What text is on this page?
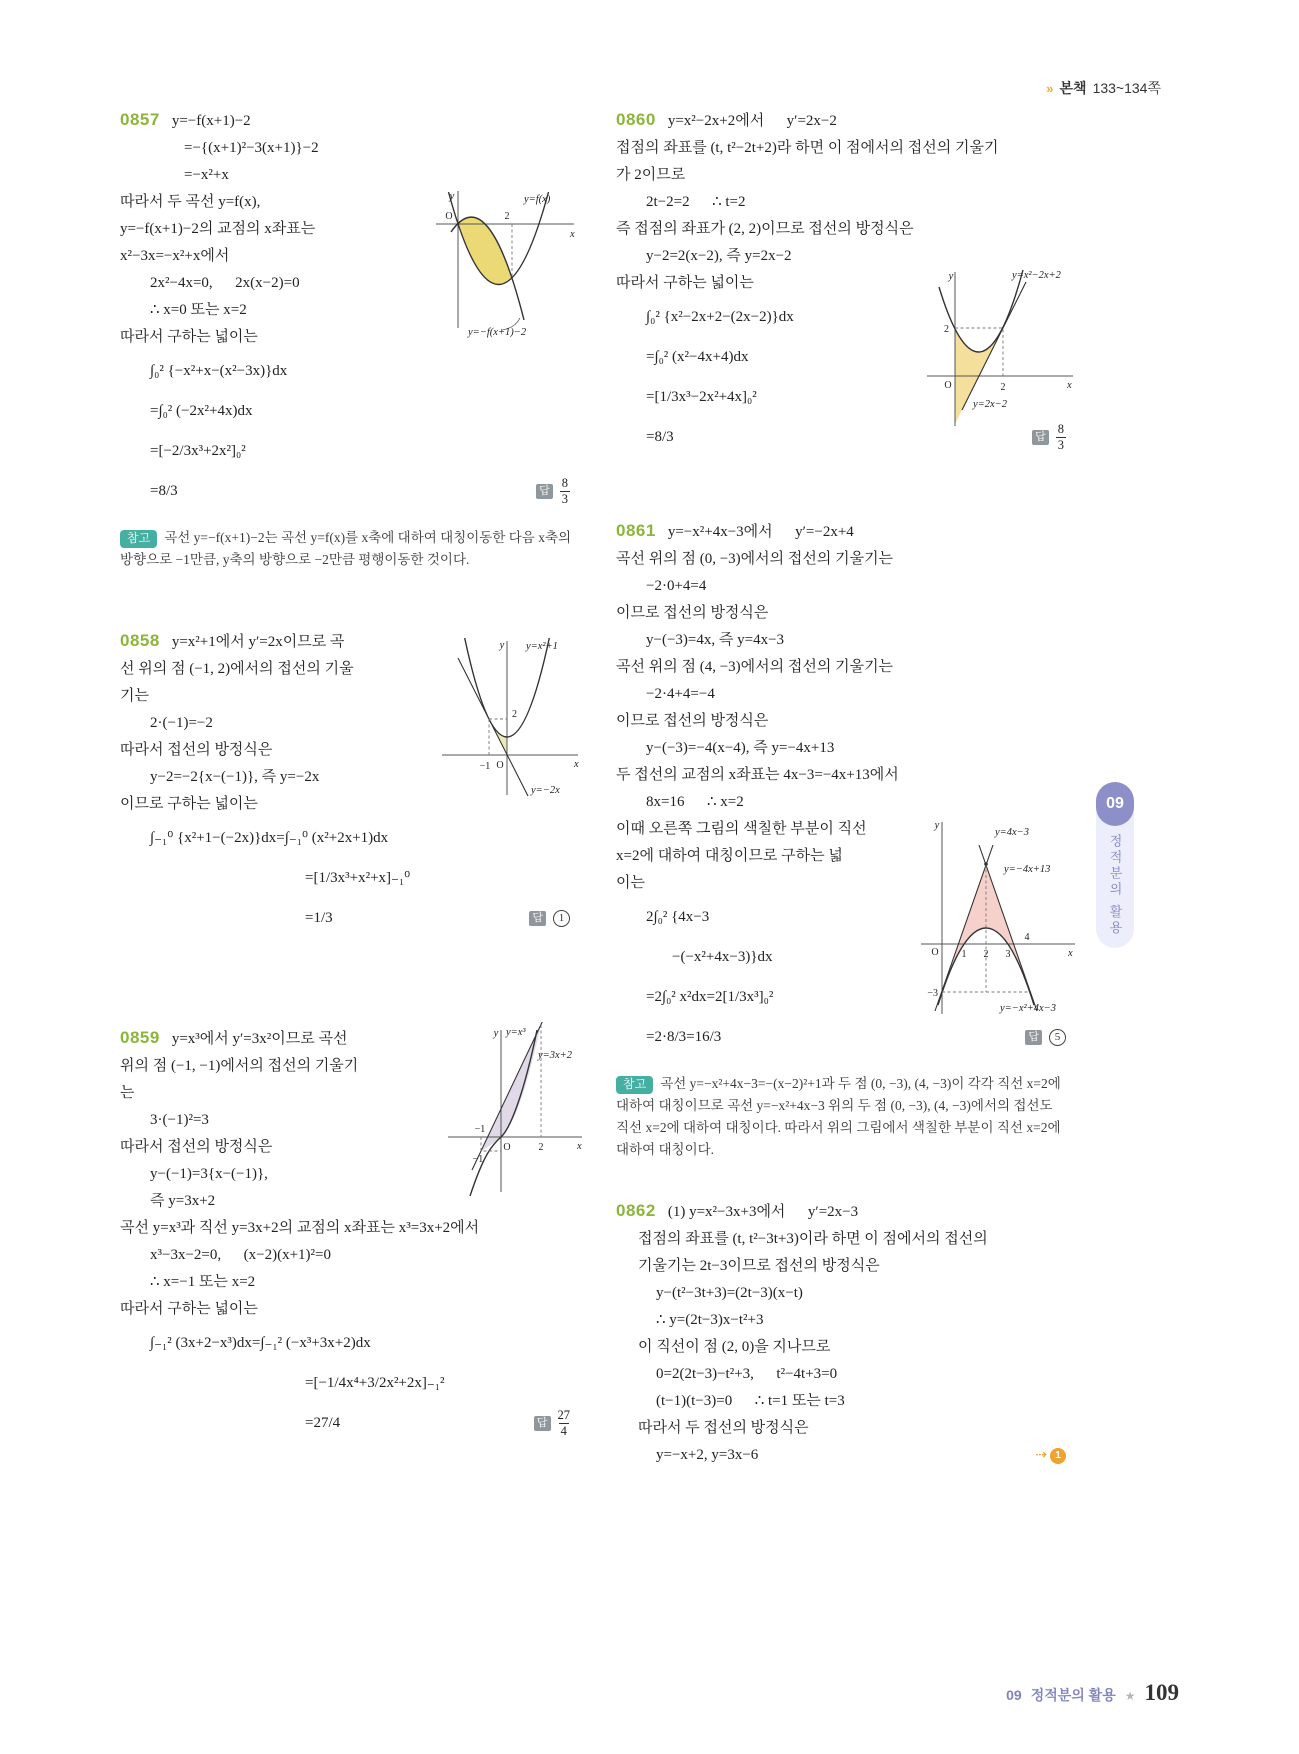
» 본책 133~134쪽
0857 y=−f(x+1)−2
=−{(x+1)²−3(x+1)}−2
=−x²+x
따라서 두 곡선 y=f(x),
y=−f(x+1)−2의 교점의 x좌표는
x²−3x=−x²+x에서
2x²−4x=0,      2x(x−2)=0
∴ x=0 또는 x=2
따라서 구하는 넓이는
∫₀² {−x²+x−(x²−3x)}dx
=∫₀² (−2x²+4x)dx
=[−2/3x³+2x²]₀²
=8/3	답 $\frac{8}{3}$
참고 곡선 y=−f(x+1)−2는 곡선 y=f(x)를 x축에 대하여 대칭이동한 다음 x축의 방향으로 −1만큼, y축의 방향으로 −2만큼 평행이동한 것이다.
y
x
O	2
y=f(x)
y=−f(x+1)−2
0858 y=x²+1에서 y′=2x이므로 곡
선 위의 점 (−1, 2)에서의 접선의 기울
기는
2·(−1)=−2
따라서 접선의 방정식은
y−2=−2{x−(−1)}, 즉 y=−2x
이므로 구하는 넓이는
∫₋₁⁰ {x²+1−(−2x)}dx=∫₋₁⁰ (x²+2x+1)dx
=[1/3x³+x²+x]₋₁⁰
=1/3	답	1
y
x
O
2
−1
y=x²+1
y=−2x
0859 y=x³에서 y′=3x²이므로 곡선
위의 점 (−1, −1)에서의 접선의 기울기
는
3·(−1)²=3
따라서 접선의 방정식은
y−(−1)=3{x−(−1)},
즉 y=3x+2
곡선 y=x³과 직선 y=3x+2의 교점의 x좌표는 x³=3x+2에서
x³−3x−2=0,      (x−2)(x+1)²=0
∴ x=−1 또는 x=2
따라서 구하는 넓이는
∫₋₁² (3x+2−x³)dx=∫₋₁² (−x³+3x+2)dx
=[−1/4x⁴+3/2x²+2x]₋₁²
=27/4	답 $\frac{27}{4}$
y
x
O	2
−1
−1
y=x³
y=3x+2
0860 y=x²−2x+2에서      y′=2x−2
접점의 좌표를 (t, t²−2t+2)라 하면 이 점에서의 접선의 기울기
가 2이므로
2t−2=2      ∴ t=2
즉 접점의 좌표가 (2, 2)이므로 접선의 방정식은
y−2=2(x−2), 즉 y=2x−2
따라서 구하는 넓이는
∫₀² {x²−2x+2−(2x−2)}dx
=∫₀² (x²−4x+4)dx
=[1/3x³−2x²+4x]₀²
=8/3	답 $\frac{8}{3}$
y
x
O
2
2
y=x²−2x+2
y=2x−2
0861 y=−x²+4x−3에서      y′=−2x+4
곡선 위의 점 (0, −3)에서의 접선의 기울기는
−2·0+4=4
이므로 접선의 방정식은
y−(−3)=4x, 즉 y=4x−3
곡선 위의 점 (4, −3)에서의 접선의 기울기는
−2·4+4=−4
이므로 접선의 방정식은
y−(−3)=−4(x−4), 즉 y=−4x+13
두 접선의 교점의 x좌표는 4x−3=−4x+13에서
8x=16      ∴ x=2
이때 오른쪽 그림의 색칠한 부분이 직선
x=2에 대하여 대칭이므로 구하는 넓
이는
2∫₀² {4x−3
−(−x²+4x−3)}dx
=2∫₀² x²dx=2[1/3x³]₀²
=2·8/3=16/3	답	5
참고 곡선 y=−x²+4x−3=−(x−2)²+1과 두 점 (0, −3), (4, −3)이 각각 직선 x=2에 대하여 대칭이므로 곡선 y=−x²+4x−3 위의 두 점 (0, −3), (4, −3)에서의 접선도 직선 x=2에 대하여 대칭이다. 따라서 위의 그림에서 색칠한 부분이 직선 x=2에 대하여 대칭이다.
y
x
O 1 2 3
4
−3
y=4x−3
y=−4x+13
y=−x²+4x−3
0862 (1) y=x²−3x+3에서      y′=2x−3
접점의 좌표를 (t, t²−3t+3)이라 하면 이 점에서의 접선의
기울기는 2t−3이므로 접선의 방정식은
y−(t²−3t+3)=(2t−3)(x−t)
∴ y=(2t−3)x−t²+3
이 직선이 점 (2, 0)을 지나므로
0=2(2t−3)−t²+3,      t²−4t+3=0
(t−1)(t−3)=0      ∴ t=1 또는 t=3
따라서 두 접선의 방정식은
y=−x+2, y=3x−6	⇢ 1
09
정적분의 활용
09 정적분의 활용 ★ 109
